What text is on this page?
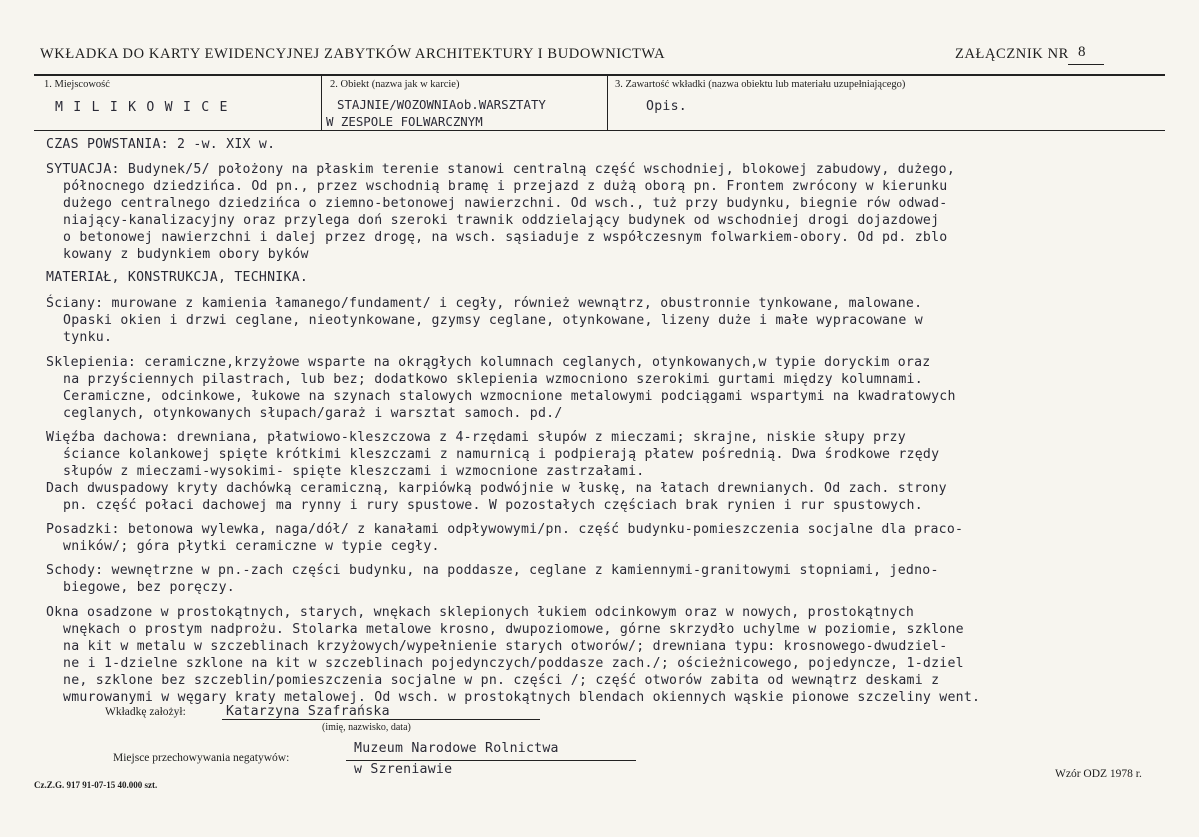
WKŁADKA DO KARTY EWIDENCYJNEJ ZABYTKÓW ARCHITEKTURY I BUDOWNICTWA	ZAŁĄCZNIK NR 8
1. Miejscowość
M I L I K O W I C E
2. Obiekt (nazwa jak w karcie)
STAJNIE/WOZOWNIAob.WARSZTATY
W ZESPOLE FOLWARCZNYM
3. Zawartość wkładki (nazwa obiektu lub materiału uzupełniającego)
Opis.
CZAS POWSTANIA: 2 -w. XIX w.
SYTUACJA: Budynek/5/ położony na płaskim terenie stanowi centralną część wschodniej, blokowej zabudowy, dużego,
północnego dziedzińca. Od pn., przez wschodnią bramę i przejazd z dużą oborą pn. Frontem zwrócony w kierunku
dużego centralnego dziedzińca o ziemno-betonowej nawierzchni. Od wsch., tuż przy budynku, biegnie rów odwad-
niający-kanalizacyjny oraz przylega doń szeroki trawnik oddzielający budynek od wschodniej drogi dojazdowej
o betonowej nawierzchni i dalej przez drogę, na wsch. sąsiaduje z współczesnym folwarkiem-obory. Od pd. zblo
kowany z budynkiem obory byków
MATERIAŁ, KONSTRUKCJA, TECHNIKA.
Ściany: murowane z kamienia łamanego/fundament/ i cegły, również wewnątrz, obustronnie tynkowane, malowane.
Opaski okien i drzwi ceglane, nieotynkowane, gzymsy ceglane, otynkowane, lizeny duże i małe wypracowane w
tynku.
Sklepienia: ceramiczne,krzyżowe wsparte na okrągłych kolumnach ceglanych, otynkowanych,w typie doryckim oraz
na przyściennych pilastrach, lub bez; dodatkowo sklepienia wzmocniono szerokimi gurtami między kolumnami.
Ceramiczne, odcinkowe, łukowe na szynach stalowych wzmocnione metalowymi podciągami wspartymi na kwadratowych
ceglanych, otynkowanych słupach/garaż i warsztat samoch. pd./
Więźba dachowa: drewniana, płatwiowo-kleszczowa z 4-rzędami słupów z mieczami; skrajne, niskie słupy przy
ściance kolankowej spięte krótkimi kleszczami z namurnicą i podpierają płatew pośrednią. Dwa środkowe rzędy
słupów z mieczami-wysokimi- spięte kleszczami i wzmocnione zastrzałami.
Dach dwuspadowy kryty dachówką ceramiczną, karpiówką podwójnie w łuskę, na łatach drewnianych. Od zach. strony
pn. część połaci dachowej ma rynny i rury spustowe. W pozostałych częściach brak rynien i rur spustowych.
Posadzki: betonowa wylewka, naga/dół/ z kanałami odpływowymi/pn. część budynku-pomieszczenia socjalne dla praco-
wników/; góra płytki ceramiczne w typie cegły.
Schody: wewnętrzne w pn.-zach części budynku, na poddasze, ceglane z kamiennymi-granitowymi stopniami, jedno-
biegowe, bez poręczy.
Okna osadzone w prostokątnych, starych, wnękach sklepionych łukiem odcinkowym oraz w nowych, prostokątnych
wnękach o prostym nadprożu. Stolarka metalowe krosno, dwupoziomowe, górne skrzydło uchylme w poziomie, szklone
na kit w metalu w szczeblinach krzyżowych/wypełnienie starych otworów/; drewniana typu: krosnowego-dwudziel-
ne i 1-dzielne szklone na kit w szczeblinach pojedynczych/poddasze zach./; ościeżnicowego, pojedyncze, 1-dziel
ne, szklone bez szczeblin/pomieszczenia socjalne w pn. części /; część otworów zabita od wewnątrz deskami z
wmurowanymi w węgary kraty metalowej. Od wsch. w prostokątnych blendach okiennych wąskie pionowe szczeliny went.
Wkładkę założył:	Katarzyna Szafrańska
(imię, nazwisko, data)
Miejsce przechowywania negatywów:
Muzeum Narodowe Rolnictwa
w Szreniawie
Cz.Z.G. 917 91-07-15 40.000 szt.
Wzór ODZ 1978 r.
